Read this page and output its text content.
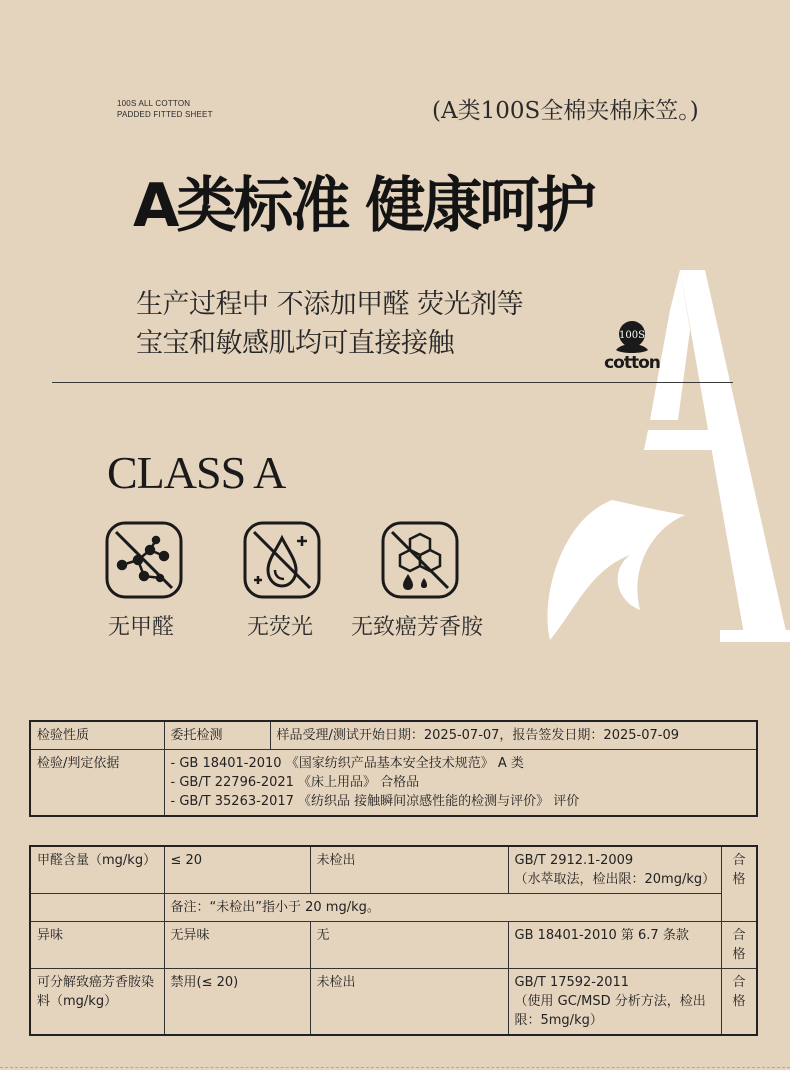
100S ALL COTTON
PADDED FITTED SHEET	(A类100S全棉夹棉床笠。)
A类标准 健康呵护
生产过程中 不添加甲醛 荧光剂等
宝宝和敏感肌均可直接接触	100S
cotton
CLASS A
无甲醛	无荧光 无致癌芳香胺
检验性质	委托检测	样品受理/测试开始日期：2025-07-07，报告签发日期：2025-07-09
检验/判定依据	- GB 18401-2010 《国家纺织产品基本安全技术规范》 A 类
- GB/T 22796-2021 《床上用品》 合格品
- GB/T 35263-2017 《纺织品 接触瞬间凉感性能的检测与评价》 评价	
甲醛含量（mg/kg）	≤ 20	未检出	GB/T 2912.1-2009
（水萃取法，检出限：20mg/kg）	合格
	备注：“未检出”指小于 20 mg/kg。			
异味	无异味	无	GB 18401-2010 第 6.7 条款	合格
可分解致癌芳香胺染料（mg/kg）	禁用(≤ 20)	未检出	GB/T 17592-2011
（使用 GC/MSD 分析方法，检出限：5mg/kg）	合格
